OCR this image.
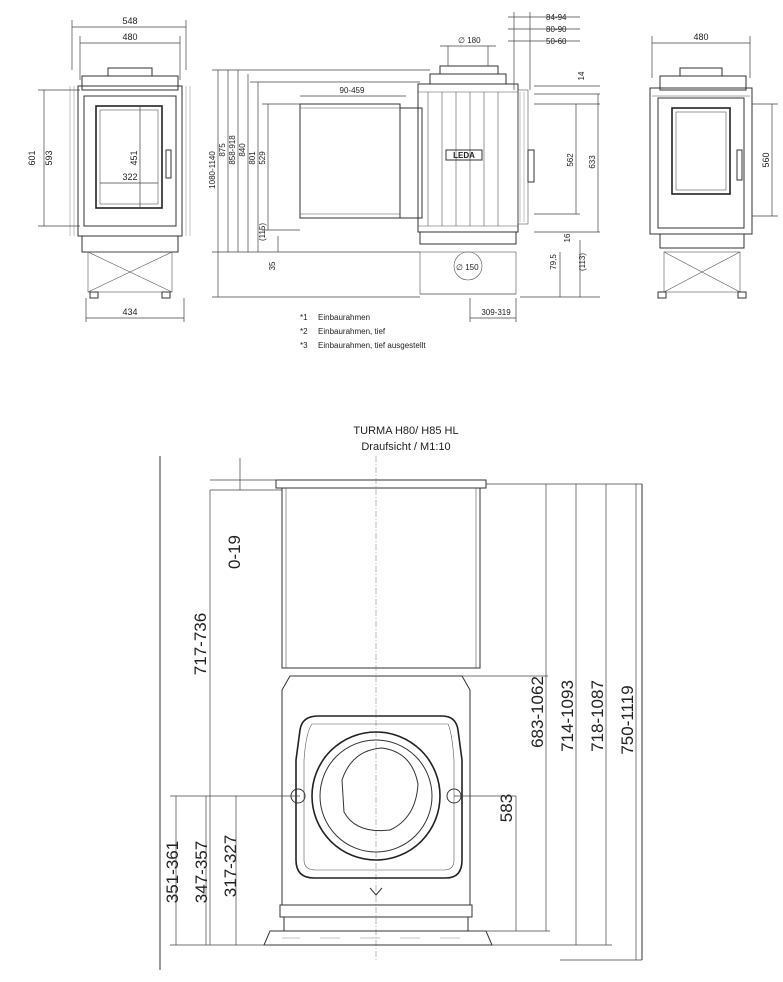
548
480
593
601	451
322
434
1080-1140
875 858-918 840
801 529
(115)
35
90-459
LEDA
∅ 150
∅ 180
84-94
80-90
50-60
14
562 633
16
79,5	(113)
309-319
*1 Einbaurahmen
*2 Einbaurahmen, tief
*3 Einbaurahmen, tief ausgestellt
480
560
TURMA H80/ H85 HL
Draufsicht / M1:10
0-19
717-736
351-361 347-357 317-327
583
683-1062 714-1093 718-1087 750-1119
